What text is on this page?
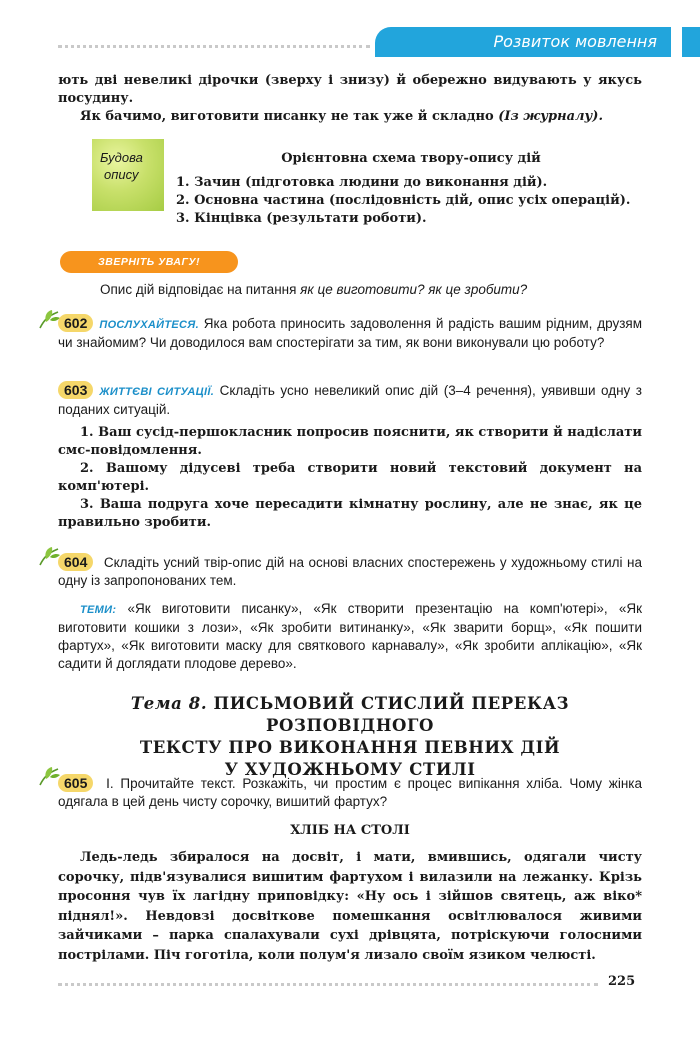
Розвиток мовлення
ють дві невеликі дірочки (зверху і знизу) й обережно видувають у якусь посудину.
Як бачимо, виготовити писанку не так уже й складно (Із журналу).
Будова
опису
Орієнтовна схема твору-опису дій
1. Зачин (підготовка людини до виконання дій).
2. Основна частина (послідовність дій, опис усіх операцій).
3. Кінцівка (результати роботи).
ЗВЕРНІТЬ УВАГУ!
Опис дій відповідає на питання як це виготовити? як це зробити?
602 ПОСЛУХАЙТЕСЯ. Яка робота приносить задоволення й радість вашим рідним, друзям чи знайомим? Чи доводилося вам спостерігати за тим, як вони виконували цю роботу?
603 ЖИТТЄВІ СИТУАЦІЇ. Складіть усно невеликий опис дій (3–4 речення), уявивши одну з поданих ситуацій.
1. Ваш сусід-першокласник попросив пояснити, як створити й надіслати смс-повідомлення.
2. Вашому дідусеві треба створити новий текстовий документ на комп'ютері.
3. Ваша подруга хоче пересадити кімнатну рослину, але не знає, як це правильно зробити.
604 Складіть усний твір-опис дій на основі власних спостережень у художньому стилі на одну із запропонованих тем.
ТЕМИ: «Як виготовити писанку», «Як створити презентацію на комп'ютері», «Як виготовити кошики з лози», «Як зробити витинанку», «Як зварити борщ», «Як пошити фартух», «Як виготовити маску для святкового карнавалу», «Як зробити аплікацію», «Як садити й доглядати плодове дерево».
Тема 8. ПИСЬМОВИЙ СТИСЛИЙ ПЕРЕКАЗ РОЗПОВІДНОГО
ТЕКСТУ ПРО ВИКОНАННЯ ПЕВНИХ ДІЙ
У ХУДОЖНЬОМУ СТИЛІ
605 І. Прочитайте текст. Розкажіть, чи простим є процес випікання хліба. Чому жінка одягала в цей день чисту сорочку, вишитий фартух?
ХЛІБ НА СТОЛІ
Ледь-ледь збиралося на досвіт, і мати, вмившись, одягали чисту сорочку, підв'язувалися вишитим фартухом і вилазили на лежанку. Крізь просоння чув їх лагідну приповідку: «Ну ось і зійшов святець, аж віко* піднял!». Невдовзі досвіткове помешкання освітлювалося живими зайчиками – парка спалахували сухі дрівцята, потріскуючи голосними пострілами. Піч гоготіла, коли полум'я лизало своїм язиком челюсті.
225
